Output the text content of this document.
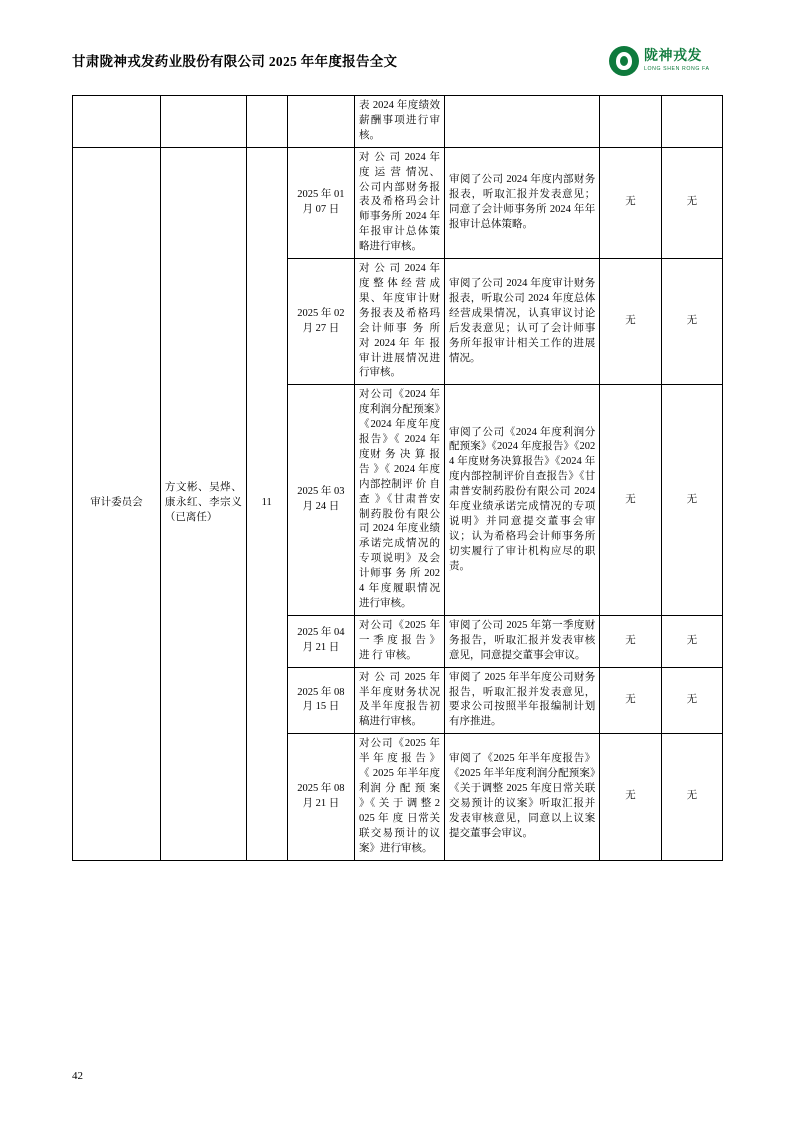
甘肃陇神戎发药业股份有限公司 2025 年年度报告全文	陇神戎发
LONG SHEN RONG FA
				表 2024 年度绩效薪酬事项进行审核。			
审计委员会	方文彬、吴烨、康永红、李宗义（已离任）	11	2025 年 01 月 07 日	对 公 司 2024 年 度 运 营 情况、公司内部财务报表及希格玛会计师事务所 2024 年年报审计总体策略进行审核。	审阅了公司 2024 年度内部财务报表，听取汇报并发表意见；同意了会计师事务所 2024 年年报审计总体策略。	无	无
			2025 年 02 月 27 日	对 公 司 2024 年度整体经营成果、年度审计财务报表及希格玛会计师事 务 所 对 2024 年 年 报审计进展情况进行审核。	审阅了公司 2024 年度审计财务报表，听取公司 2024 年度总体经营成果情况，认真审议讨论后发表意见；认可了会计师事务所年报审计相关工作的进展情况。	无	无
			2025 年 03 月 24 日	对公司《2024 年度利润分配预案》《2024 年度年度报告》《 2024 年度财 务 决 算 报 告 》《 2024 年度内部控制评 价 自 查 》《甘肃普安制药股份有限公司 2024 年度业绩承诺完成情况的专项说明》及会计师事 务 所 2024 年度履职情况进行审核。	审阅了公司《2024 年度利润分配预案》《2024 年度报告》《2024 年度财务决算报告》《2024 年度内部控制评价自查报告》《甘肃普安制药股份有限公司 2024 年度业绩承诺完成情况的专项说明》并同意提交董事会审议；认为希格玛会计师事务所切实履行了审计机构应尽的职责。	无	无
			2025 年 04 月 21 日	对公司《2025 年 一 季 度 报 告 》进 行 审核。	审阅了公司 2025 年第一季度财务报告，听取汇报并发表审核意见，同意提交董事会审议。	无	无
			2025 年 08 月 15 日	对 公 司 2025 年半年度财务状况及半年度报告初稿进行审核。	审阅了 2025 年半年度公司财务报告，听取汇报并发表意见，要求公司按照半年报编制计划有序推进。	无	无
			2025 年 08 月 21 日	对公司《2025 年 半 年 度 报 告 》 《 2025 年半年度利润 分 配 预 案 》《 关 于 调 整 2025 年 度 日常关联交易预计的议案》进行审核。	审阅了《2025 年半年度报告》《2025 年半年度利润分配预案》《关于调整 2025 年度日常关联交易预计的议案》听取汇报并发表审核意见，同意以上议案提交董事会审议。	无	无
42
